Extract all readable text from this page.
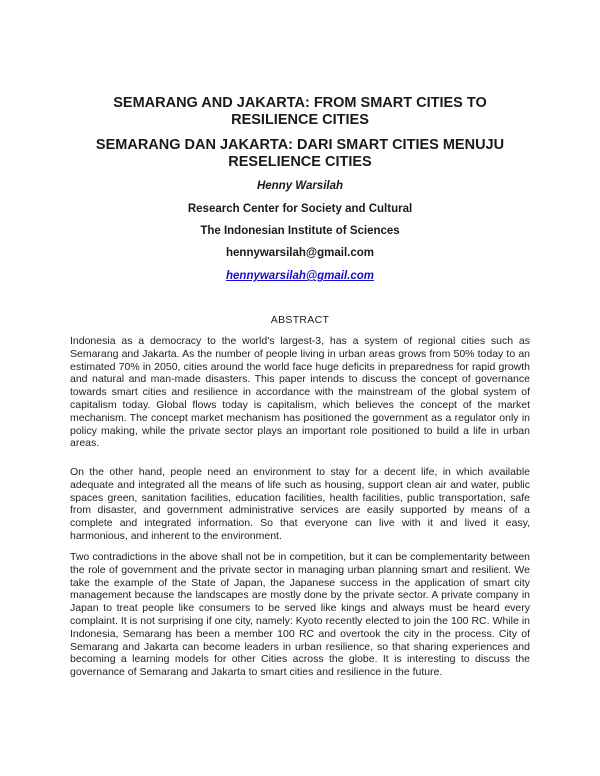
SEMARANG AND JAKARTA: FROM SMART CITIES TO RESILIENCE CITIES
SEMARANG DAN JAKARTA: DARI SMART CITIES MENUJU RESELIENCE CITIES

Henny Warsilah

Research Center for Society and Cultural

The Indonesian Institute of Sciences

hennywarsilah@gmail.com

hennywarsilah@gmail.com

ABSTRACT

Indonesia as a democracy to the world's largest-3, has a system of regional cities such as Semarang and Jakarta. As the number of people living in urban areas grows from 50% today to an estimated 70% in 2050, cities around the world face huge deficits in preparedness for rapid growth and natural and man-made disasters. This paper intends to discuss the concept of governance towards smart cities and resilience in accordance with the mainstream of the global system of capitalism today. Global flows today is capitalism, which believes the concept of the market mechanism. The concept market mechanism has positioned the government as a regulator only in policy making, while the private sector plays an important role positioned to build a life in urban areas.

On the other hand, people need an environment to stay for a decent life, in which available adequate and integrated all the means of life such as housing, support clean air and water, public spaces green, sanitation facilities, education facilities, health facilities, public transportation, safe from disaster, and government administrative services are easily supported by means of a complete and integrated information. So that everyone can live with it and lived it easy, harmonious, and inherent to the environment.

Two contradictions in the above shall not be in competition, but it can be complementarity between the role of government and the private sector in managing urban planning smart and resilient. We take the example of the State of Japan, the Japanese success in the application of smart city management because the landscapes are mostly done by the private sector. A private company in Japan to treat people like consumers to be served like kings and always must be heard every complaint. It is not surprising if one city, namely: Kyoto recently elected to join the 100 RC. While in Indonesia, Semarang has been a member 100 RC and overtook the city in the process. City of Semarang and Jakarta can become leaders in urban resilience, so that sharing experiences and becoming a learning models for other Cities across the globe. It is interesting to discuss the governance of Semarang and Jakarta to smart cities and resilience in the future.
